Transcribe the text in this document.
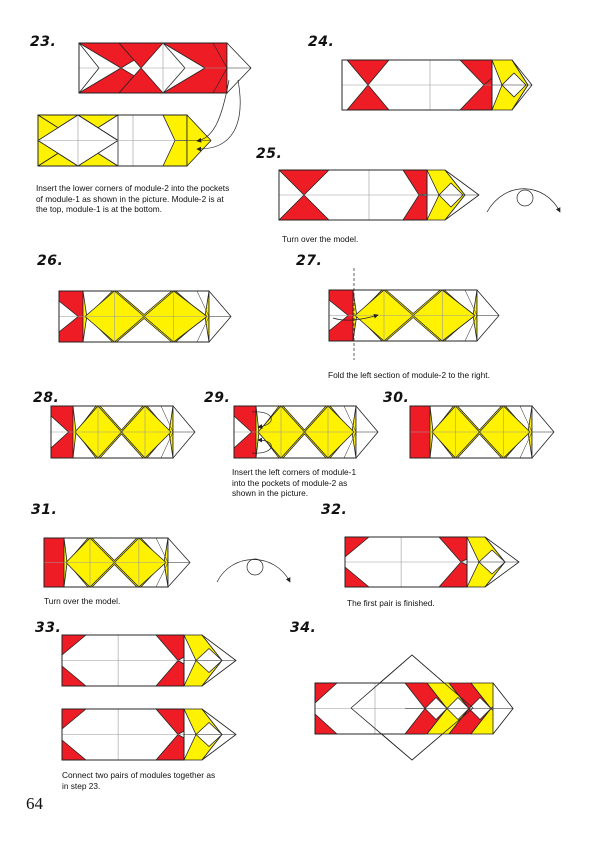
23.	24.
25.
26.	27.
28.	29.	30.
31.	32.
33.	34.
Insert the lower corners of module-2 into the pockets
of module-1 as shown in the picture. Module-2 is at
the top, module-1 is at the bottom.
Turn over the model.
Fold the left section of module-2 to the right.
Insert the left corners of module-1
into the pockets of module-2 as
shown in the picture.
Turn over the model.	The first pair is finished.
Connect two pairs of modules together as
in step 23.
64
